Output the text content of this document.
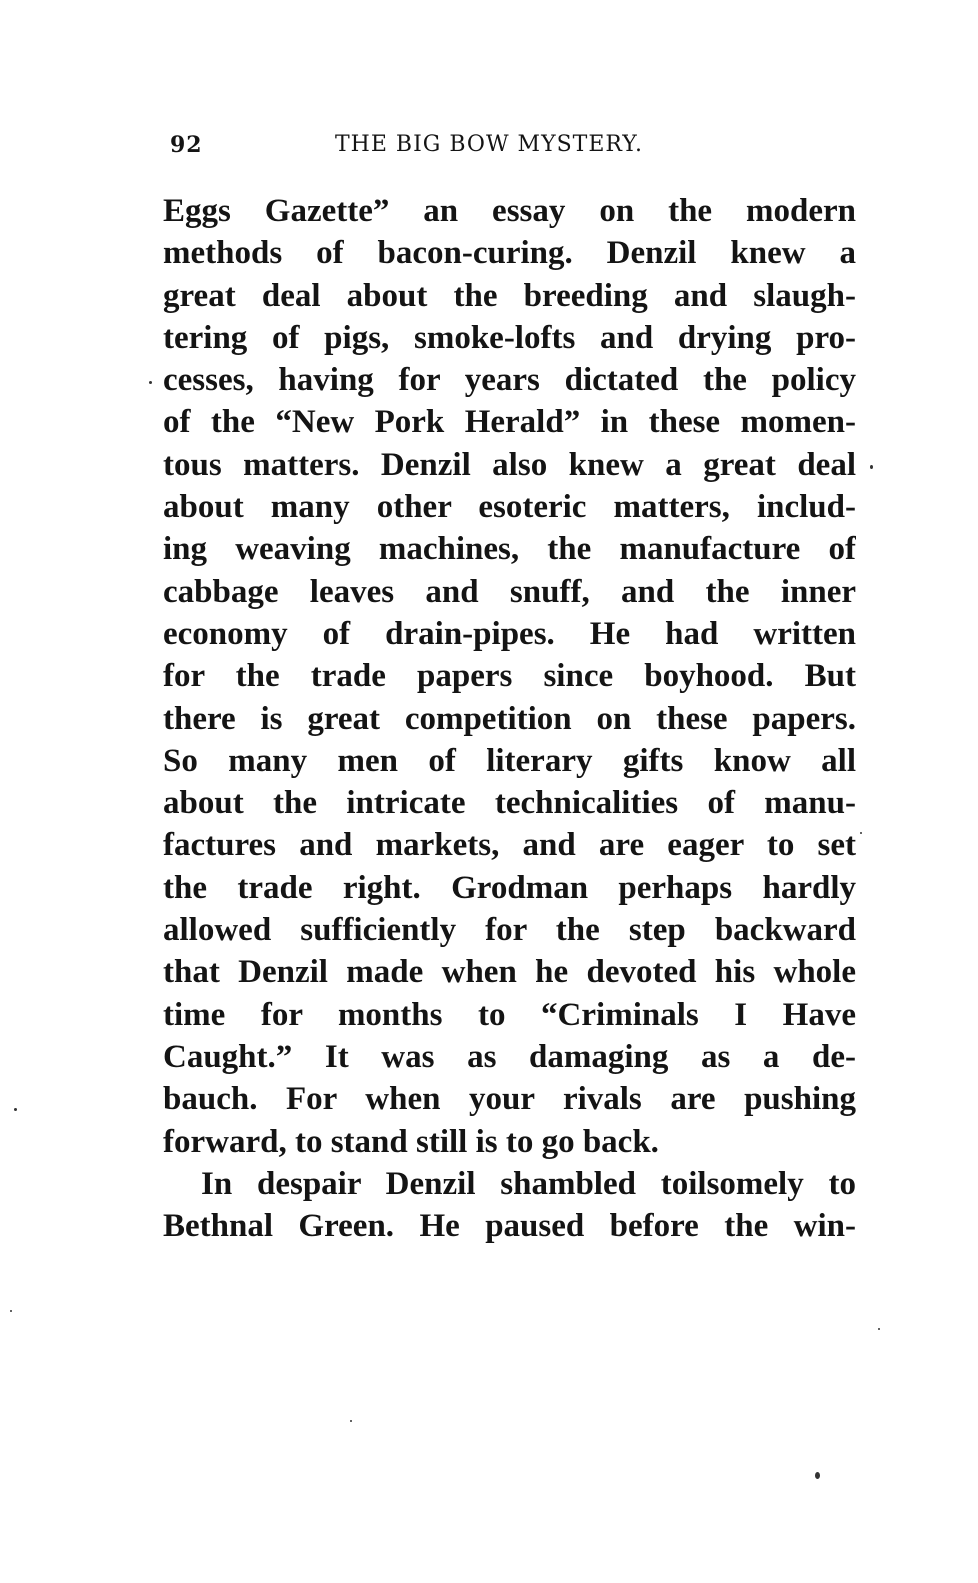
92	THE BIG BOW MYSTERY.
Eggs Gazette” an essay on the modern
methods of bacon-curing. Denzil knew a
great deal about the breeding and slaugh-
tering of pigs, smoke-lofts and drying pro-
cesses, having for years dictated the policy
of the “New Pork Herald” in these momen-
tous matters. Denzil also knew a great deal
about many other esoteric matters, includ-
ing weaving machines, the manufacture of
cabbage leaves and snuff, and the inner
economy of drain-pipes. He had written
for the trade papers since boyhood. But
there is great competition on these papers.
So many men of literary gifts know all
about the intricate technicalities of manu-
factures and markets, and are eager to set
the trade right. Grodman perhaps hardly
allowed sufficiently for the step backward
that Denzil made when he devoted his whole
time for months to “Criminals I Have
Caught.” It was as damaging as a de-
bauch. For when your rivals are pushing
forward, to stand still is to go back.
In despair Denzil shambled toilsomely to
Bethnal Green. He paused before the win-
